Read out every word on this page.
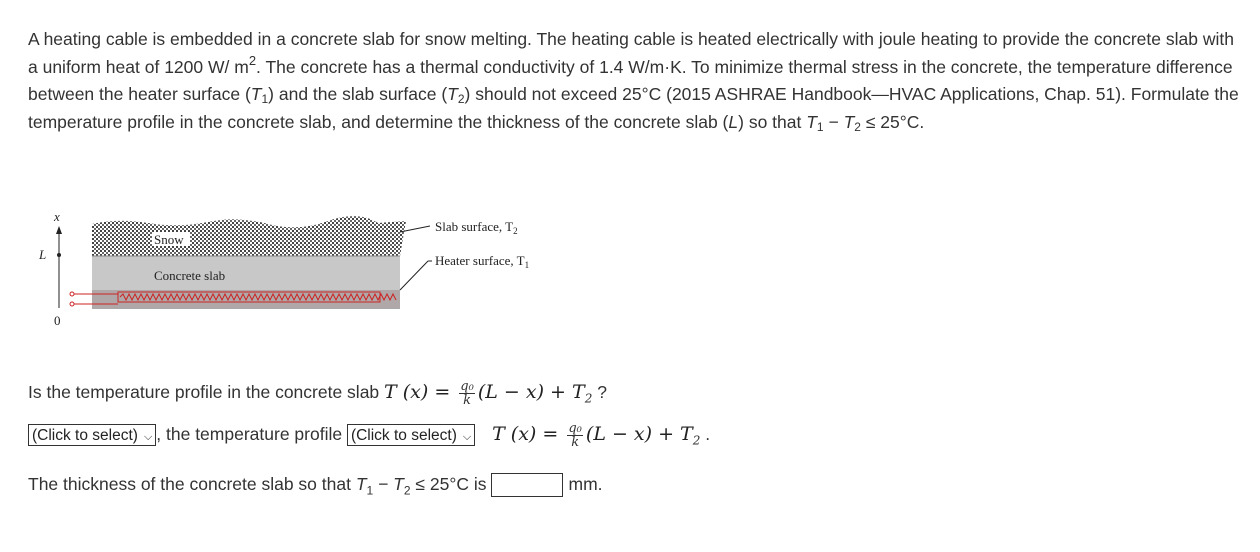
A heating cable is embedded in a concrete slab for snow melting. The heating cable is heated electrically with joule heating to provide the concrete slab with a uniform heat of 1200 W/ $m^2$. The concrete has a thermal conductivity of 1.4 W/m·K. To minimize thermal stress in the concrete, the temperature difference between the heater surface $(T_1)$ and the slab surface $(T_2)$ should not exceed 25°C (2015 ASHRAE Handbook—HVAC Applications, Chap. 51). Formulate the temperature profile in the concrete slab, and determine the thickness of the concrete slab (L) so that $T_1 - T_2 \le 25^\circ C$.
x
L
0
Snow
Concrete slab
Slab surface, $T_2$
Heater surface, $T_1$
Is the temperature profile in the concrete slab T $(x) = \frac{\text{q₀}}{k} (L - x) + T_2$ ?
(Click to select) ⌵ , the temperature profile (Click to select) ⌵ T $(x) = \frac{\text{q₀}}{k} (L - x) + T_2$ .
The thickness of the concrete slab so that $T_1 - T_2 \le 25^\circ C$ is	mm.
